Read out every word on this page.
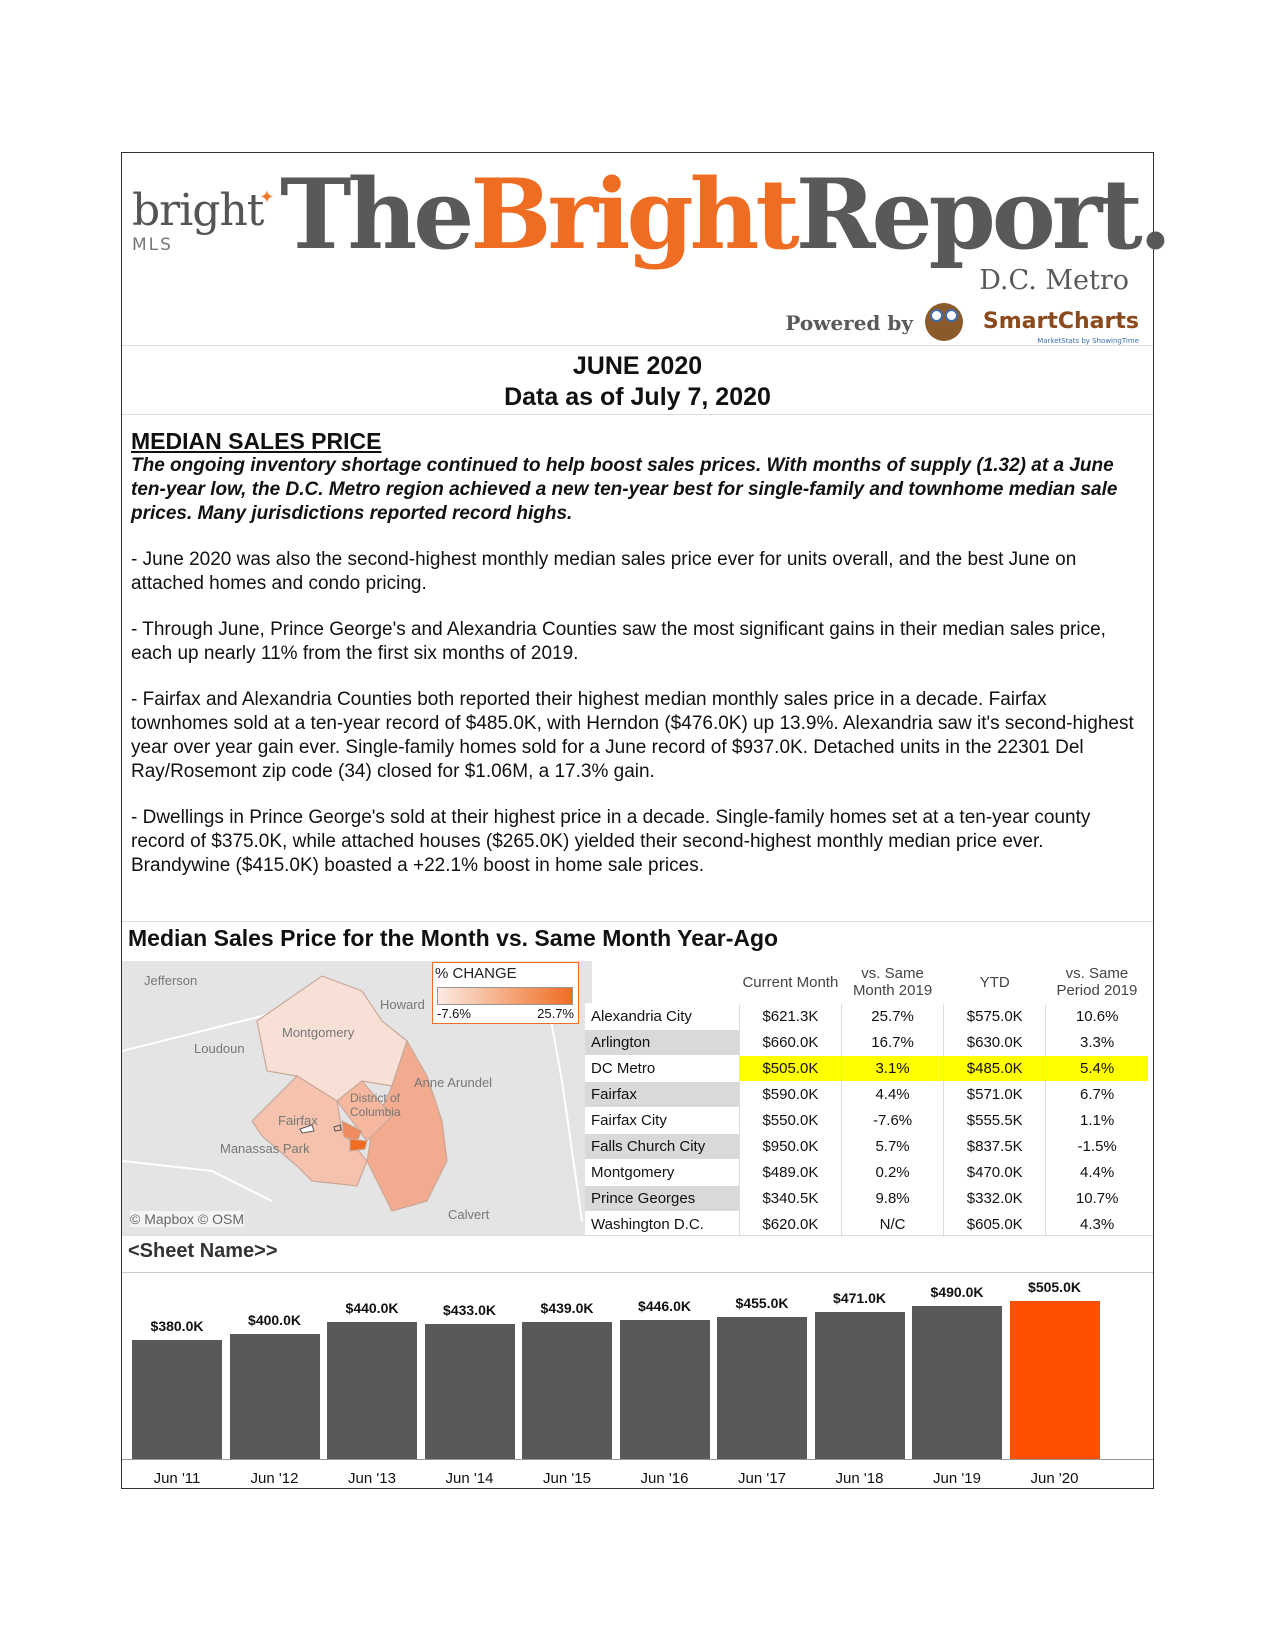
bright
✦
MLS TheBrightReport.
D.C. Metro
Powered by	SmartCharts
MarketStats by ShowingTime
JUNE 2020
Data as of July 7, 2020
MEDIAN SALES PRICE
The ongoing inventory shortage continued to help boost sales prices. With months of supply (1.32) at a June ten-year low, the D.C. Metro region achieved a new ten-year best for single-family and townhome median sale prices. Many jurisdictions reported record highs.
- June 2020 was also the second-highest monthly median sales price ever for units overall, and the best June on attached homes and condo pricing.
- Through June, Prince George's and Alexandria Counties saw the most significant gains in their median sales price, each up nearly 11% from the first six months of 2019.
- Fairfax and Alexandria Counties both reported their highest median monthly sales price in a decade. Fairfax townhomes sold at a ten-year record of $485.0K, with Herndon ($476.0K) up 13.9%. Alexandria saw it's second-highest year over year gain ever. Single-family homes sold for a June record of $937.0K. Detached units in the 22301 Del Ray/Rosemont zip code (34) closed for $1.06M, a 17.3% gain.
- Dwellings in Prince George's sold at their highest price in a decade. Single-family homes set at a ten-year county record of $375.0K, while attached houses ($265.0K) yielded their second-highest monthly median price ever. Brandywine ($415.0K) boasted a +22.1% boost in home sale prices.
Median Sales Price for the Month vs. Same Month Year-Ago
Jefferson
Howard
Loudoun
Montgomery
Anne Arundel
District of Columbia
Fairfax
Manassas Park
Calvert
% CHANGE
-7.6%	25.7%
© Mapbox © OSM
	Current Month	vs. Same Month 2019	YTD	vs. Same Period 2019
Alexandria City	$621.3K	25.7%	$575.0K	10.6%
Arlington	$660.0K	16.7%	$630.0K	3.3%
DC Metro	$505.0K	3.1%	$485.0K	5.4%
Fairfax	$590.0K	4.4%	$571.0K	6.7%
Fairfax City	$550.0K	-7.6%	$555.5K	1.1%
Falls Church City	$950.0K	5.7%	$837.5K	-1.5%
Montgomery	$489.0K	0.2%	$470.0K	4.4%
Prince Georges	$340.5K	9.8%	$332.0K	10.7%
Washington D.C.	$620.0K	N/C	$605.0K	4.3%
<Sheet Name>>
$380.0K
Jun '11
$400.0K
Jun '12
$440.0K
Jun '13
$433.0K
Jun '14
$439.0K
Jun '15
$446.0K
Jun '16
$455.0K
Jun '17
$471.0K
Jun '18
$490.0K
Jun '19
$505.0K
Jun '20
